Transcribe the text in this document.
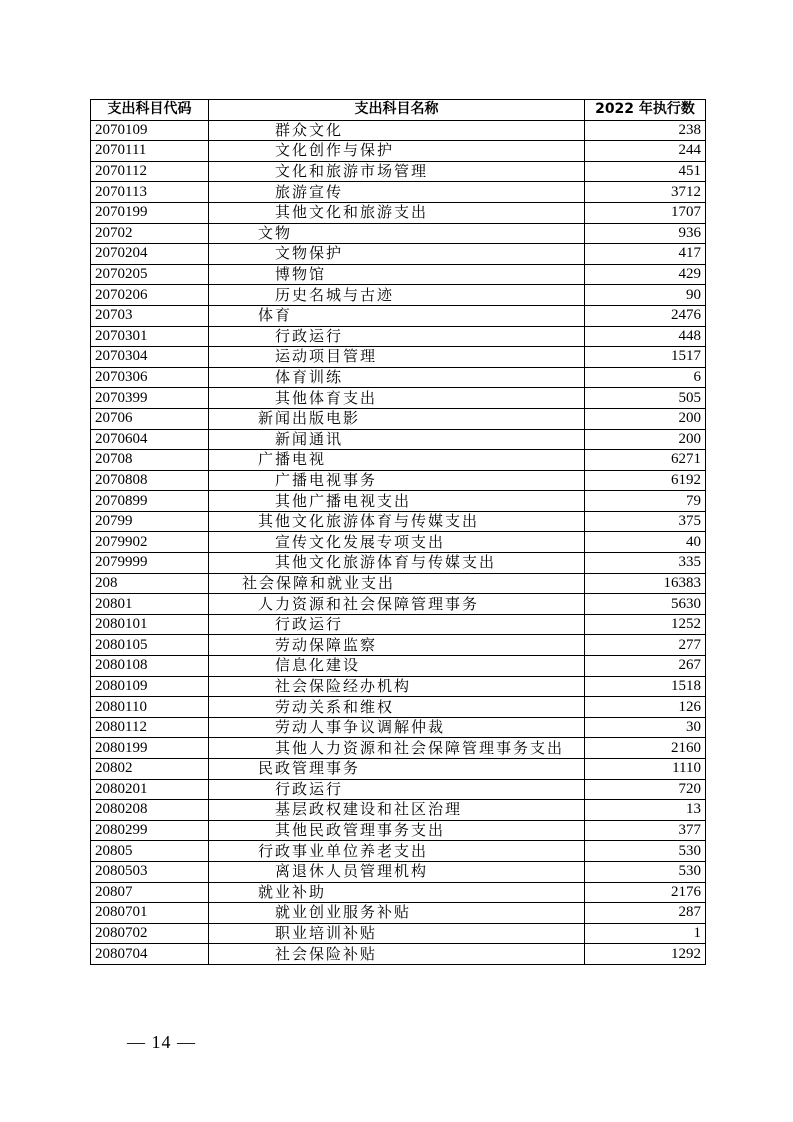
支出科目代码	支出科目名称	2022 年执行数
2070109	群众文化	238
2070111	文化创作与保护	244
2070112	文化和旅游市场管理	451
2070113	旅游宣传	3712
2070199	其他文化和旅游支出	1707
20702	文物	936
2070204	文物保护	417
2070205	博物馆	429
2070206	历史名城与古迹	90
20703	体育	2476
2070301	行政运行	448
2070304	运动项目管理	1517
2070306	体育训练	6
2070399	其他体育支出	505
20706	新闻出版电影	200
2070604	新闻通讯	200
20708	广播电视	6271
2070808	广播电视事务	6192
2070899	其他广播电视支出	79
20799	其他文化旅游体育与传媒支出	375
2079902	宣传文化发展专项支出	40
2079999	其他文化旅游体育与传媒支出	335
208	社会保障和就业支出	16383
20801	人力资源和社会保障管理事务	5630
2080101	行政运行	1252
2080105	劳动保障监察	277
2080108	信息化建设	267
2080109	社会保险经办机构	1518
2080110	劳动关系和维权	126
2080112	劳动人事争议调解仲裁	30
2080199	其他人力资源和社会保障管理事务支出	2160
20802	民政管理事务	1110
2080201	行政运行	720
2080208	基层政权建设和社区治理	13
2080299	其他民政管理事务支出	377
20805	行政事业单位养老支出	530
2080503	离退休人员管理机构	530
20807	就业补助	2176
2080701	就业创业服务补贴	287
2080702	职业培训补贴	1
2080704	社会保险补贴	1292
— 14 —
